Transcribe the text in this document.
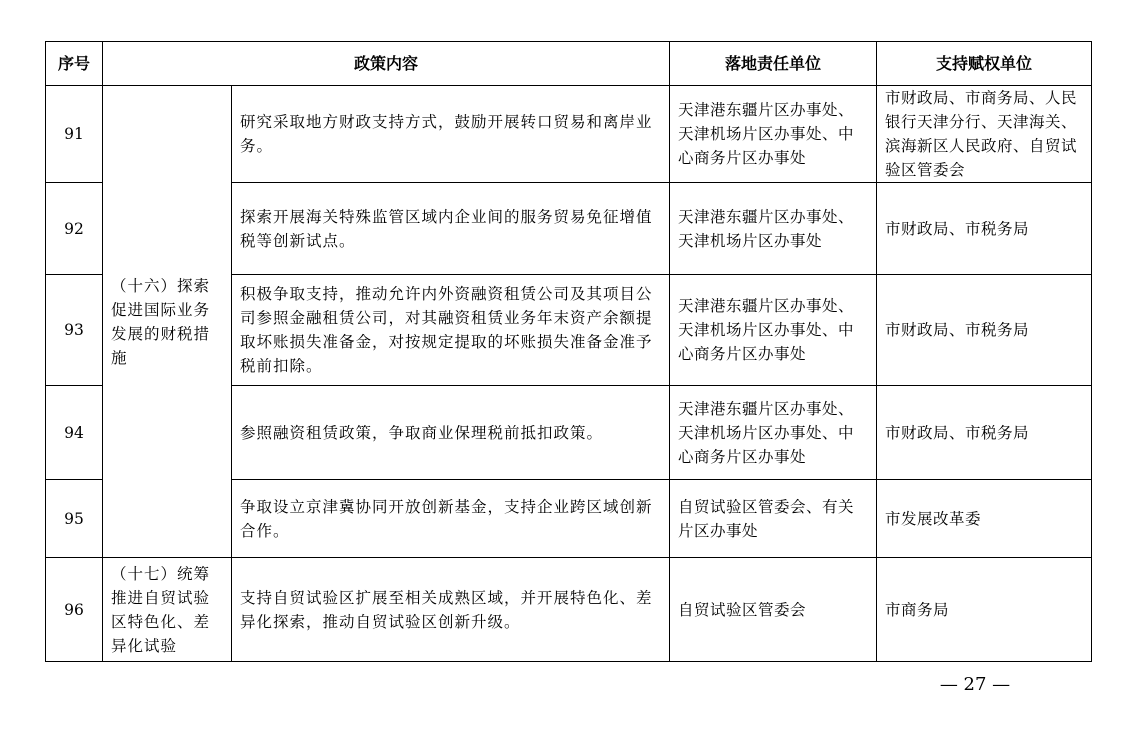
序号	政策内容		落地责任单位	支持赋权单位
91	（十六）探索促进国际业务发展的财税措施	研究采取地方财政支持方式，鼓励开展转口贸易和离岸业务。	天津港东疆片区办事处、天津机场片区办事处、中心商务片区办事处	市财政局、市商务局、人民银行天津分行、天津海关、滨海新区人民政府、自贸试验区管委会
92		探索开展海关特殊监管区域内企业间的服务贸易免征增值税等创新试点。	天津港东疆片区办事处、天津机场片区办事处	市财政局、市税务局
93		积极争取支持，推动允许内外资融资租赁公司及其项目公司参照金融租赁公司，对其融资租赁业务年末资产余额提取坏账损失准备金，对按规定提取的坏账损失准备金准予税前扣除。	天津港东疆片区办事处、天津机场片区办事处、中心商务片区办事处	市财政局、市税务局
94		参照融资租赁政策，争取商业保理税前抵扣政策。	天津港东疆片区办事处、天津机场片区办事处、中心商务片区办事处	市财政局、市税务局
95		争取设立京津冀协同开放创新基金，支持企业跨区域创新合作。	自贸试验区管委会、有关片区办事处	市发展改革委
96	（十七）统筹推进自贸试验区特色化、差异化试验	支持自贸试验区扩展至相关成熟区域，并开展特色化、差异化探索，推动自贸试验区创新升级。	自贸试验区管委会	市商务局
— 27 —
